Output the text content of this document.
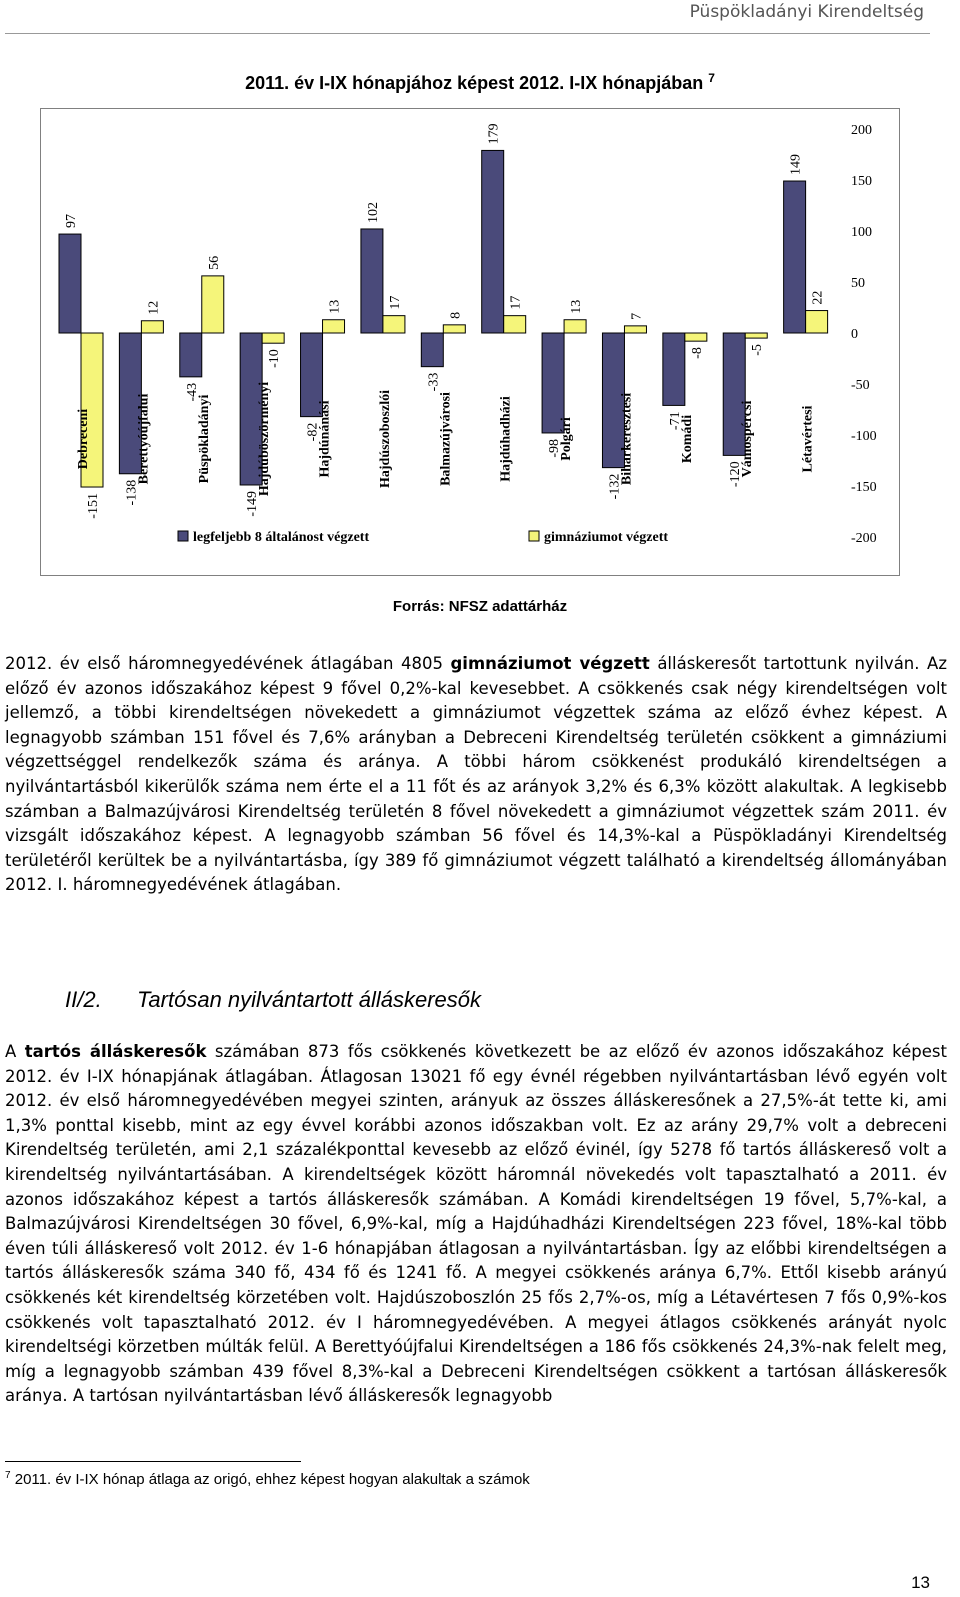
Püspökladányi Kirendeltség
2011. év I-IX hónapjához képest 2012. I-IX hónapjában $^7$
200
150
100
50
0
-50
-100
-150
-200
97
-151
Debreceni
-138
12
Berettyóújfalui
-43
56
Püspökladányi
-149
-10
Hajdúböszörményi -82
13
Hajdúnánási
102
17
Hajdúszoboszlói
-33
8
Balmazújvárosi
179
17
Hajdúhadházi -98
13
Polgári
-132
7
Biharkeresztesi -71
-8
Komádi
-120
-5
Vámospércsi
149
22
Létavértesi
legfeljebb 8 általánost végzett	gimnáziumot végzett
Forrás: NFSZ adattárház

2012. év első háromnegyedévének átlagában 4805 gimnáziumot végzett álláskeresőt tartottunk nyilván. Az előző év azonos időszakához képest 9 fővel 0,2%-kal kevesebbet. A csökkenés csak négy kirendeltségen volt jellemző, a többi kirendeltségen növekedett a gimnáziumot végzettek száma az előző évhez képest. A legnagyobb számban 151 fővel és 7,6% arányban a Debreceni Kirendeltség területén csökkent a gimnáziumi végzettséggel rendelkezők száma és aránya. A többi három csökkenést produkáló kirendeltségen a nyilvántartásból kikerülők száma nem érte el a 11 főt és az arányok 3,2% és 6,3% között alakultak. A legkisebb számban a Balmazújvárosi Kirendeltség területén 8 fővel növekedett a gimnáziumot végzettek szám 2011. év vizsgált időszakához képest. A legnagyobb számban 56 fővel és 14,3%-kal a Püspökladányi Kirendeltség területéről kerültek be a nyilvántartásba, így 389 fő gimnáziumot végzett található a kirendeltség állományában 2012. I. háromnegyedévének átlagában.

II/2. Tartósan nyilvántartott álláskeresők

A tartós álláskeresők számában 873 fős csökkenés következett be az előző év azonos időszakához képest 2012. év I-IX hónapjának átlagában. Átlagosan 13021 fő egy évnél régebben nyilvántartásban lévő egyén volt 2012. év első háromnegyedévében megyei szinten, arányuk az összes álláskeresőnek a 27,5%-át tette ki, ami 1,3% ponttal kisebb, mint az egy évvel korábbi azonos időszakban volt. Ez az arány 29,7% volt a debreceni Kirendeltség területén, ami 2,1 százalékponttal kevesebb az előző évinél, így 5278 fő tartós álláskereső volt a kirendeltség nyilvántartásában. A kirendeltségek között háromnál növekedés volt tapasztalható a 2011. év azonos időszakához képest a tartós álláskeresők számában. A Komádi kirendeltségen 19 fővel, 5,7%-kal, a Balmazújvárosi Kirendeltségen 30 fővel, 6,9%-kal, míg a Hajdúhadházi Kirendeltségen 223 fővel, 18%-kal több éven túli álláskereső volt 2012. év 1-6 hónapjában átlagosan a nyilvántartásban. Így az előbbi kirendeltségen a tartós álláskeresők száma 340 fő, 434 fő és 1241 fő. A megyei csökkenés aránya 6,7%. Ettől kisebb arányú csökkenés két kirendeltség körzetében volt. Hajdúszoboszlón 25 fős 2,7%-os, míg a Létavértesen 7 fős 0,9%-kos csökkenés volt tapasztalható 2012. év I háromnegyedévében. A megyei átlagos csökkenés arányát nyolc kirendeltségi körzetben múlták felül. A Berettyóújfalui Kirendeltségen a 186 fős csökkenés 24,3%-nak felelt meg, míg a legnagyobb számban 439 fővel 8,3%-kal a Debreceni Kirendeltségen csökkent a tartósan álláskeresők aránya. A tartósan nyilvántartásban lévő álláskeresők legnagyobb

$^7$ 2011. év I-IX hónap átlaga az origó, ehhez képest hogyan alakultak a számok
13
